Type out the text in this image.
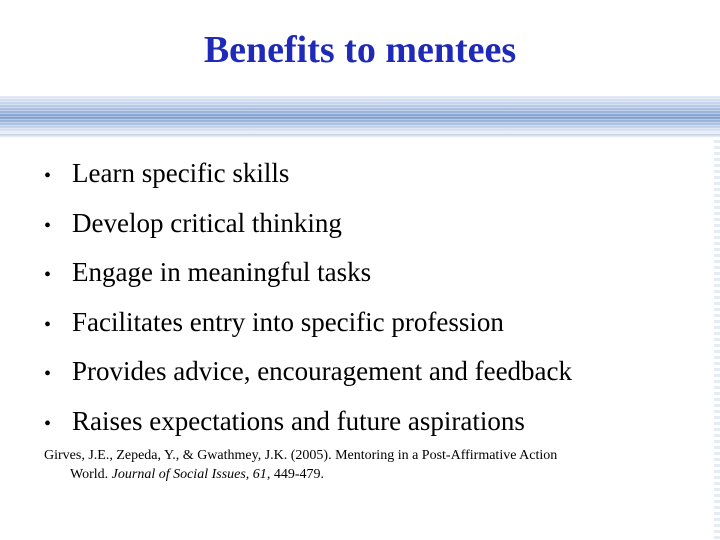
Benefits to mentees
• Learn specific skills
• Develop critical thinking
• Engage in meaningful tasks
• Facilitates entry into specific profession
• Provides advice, encouragement and feedback
• Raises expectations and future aspirations

Girves, J.E., Zepeda, Y., & Gwathmey, J.K. (2005). Mentoring in a Post-Affirmative Action
World. Journal of Social Issues, 61, 449-479.
